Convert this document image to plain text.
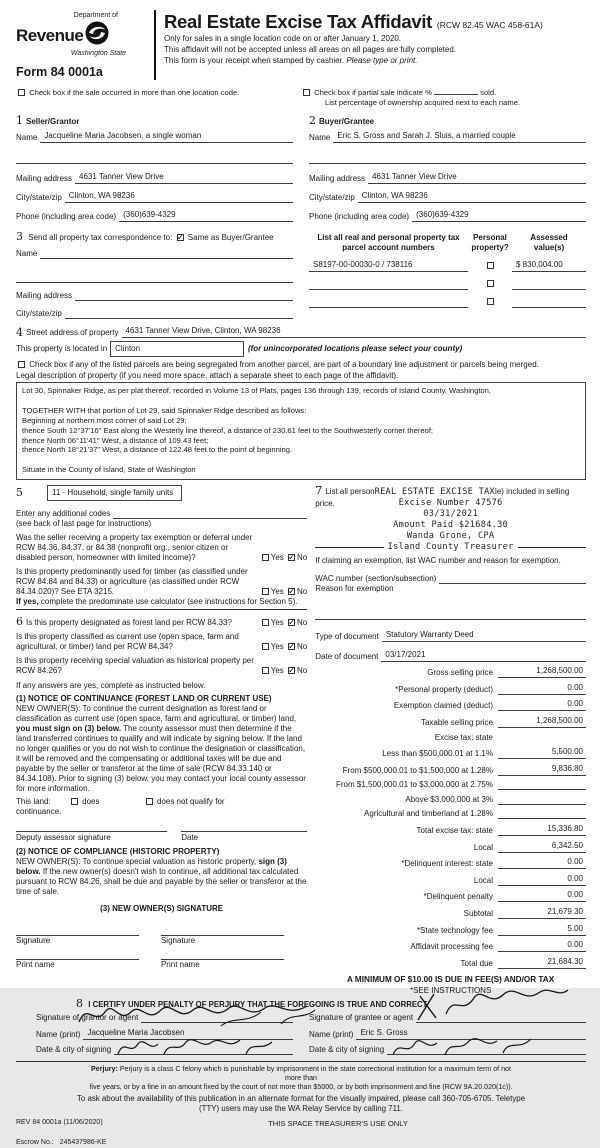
Department of
Revenue
Washington State
Form 84 0001a
Real Estate Excise Tax Affidavit (RCW 82.45 WAC 458-61A)
Only for sales in a single location code on or after January 1, 2020.
This affidavit will not be accepted unless all areas on all pages are fully completed.
This form is your receipt when stamped by cashier. Please type or print.
Check box if the sale occurred in more than one location code.	Check box if partial sale indicate %	sold.
List percentage of ownership acquired next to each name.
1 Seller/Grantor
Name Jacqueline Maria Jacobsen, a single woman
Mailing address 4631 Tanner View Drive
City/state/zip Clinton, WA 98236
Phone (including area code) (360)639-4329
2 Buyer/Grantee
Name Eric S. Gross and Sarah J. Sluis, a married couple
Mailing address 4631 Tanner View Drive
City/state/zip Clinton, WA 98236
Phone (including area code) (360)639-4329
3 Send all property tax correspondence to: ✓ Same as Buyer/Grantee
Name
Mailing address
City/state/zip
List all real and personal property tax
parcel account numbers
Personal
property?
Assessed
value(s)
S8197-00-00030-0 / 738116	$ 830,004.00
4 Street address of property 4631 Tanner View Drive, Clinton, WA 98236
This property is located in	Clinton	(for unincorporated locations please select your county)
Check box if any of the listed parcels are being segregated from another parcel, are part of a boundary line adjustment or parcels being merged.
Legal description of property (if you need more space, attach a separate sheet to each page of the affidavit).
Lot 30, Spinnaker Ridge, as per plat thereof, recorded in Volume 13 of Plats, pages 136 through 139, records of Island County, Washington,
TOGETHER WITH that portion of Lot 29, said Spinnaker Ridge described as follows:
Beginning at northern most corner of said Lot 29;
thence South 12°37'16" East along the Westerly line thereof, a distance of 230.61 feet to the Southwesterly corner thereof;
thence North 06°11'41" West, a distance of 109.43 feet;
thence North 18°21'37" West, a distance of 122.48 feet to the point of beginning.
Situate in the County of Island, State of Washington
5	11 - Household, single family units
Enter any additional codes
(see back of last page for instructions)
Was the seller receiving a property tax exemption or deferral under RCW 84.36, 84.37, or 84.38 (nonprofit org., senior citizen or disabled person, homeowner with limited income)?	Yes ✓ No
Is this property predominantly used for timber (as classified under RCW 84.84 and 84.33) or agriculture (as classified under RCW 84.34.020)? See ETA 3215.	Yes ✓ No
If yes, complete the predominate use calculator (see instructions for Section 5).
6 Is this property designated as forest land per RCW 84.33?	Yes ✓ No
Is this property classified as current use (open space, farm and agricultural, or timber) land per RCW 84.34?	Yes ✓ No
Is this property receiving special valuation as historical property per RCW 84.26?	Yes ✓ No
If any answers are yes, complete as instructed below.
(1) NOTICE OF CONTINUANCE (FOREST LAND OR CURRENT USE)
NEW OWNER(S): To continue the current designation as forest land or classification as current use (open space, farm and agricultural, or timber) land, you must sign on (3) below. The county assessor must then determine if the land transferred continues to qualify and will indicate by signing below. If the land no longer qualifies or you do not wish to continue the designation or classification, it will be removed and the compensating or additional taxes will be due and payable by the seller or transferor at the time of sale (RCW 84.33.140 or 84.34.108). Prior to signing (3) below, you may contact your local county assessor for more information.
This land:	does	does not qualify for
continuance.
Deputy assessor signature	Date
(2) NOTICE OF COMPLIANCE (HISTORIC PROPERTY)
NEW OWNER(S): To continue special valuation as historic property, sign (3) below. If the new owner(s) doesn't wish to continue, all additional tax calculated pursuant to RCW 84.26, shall be due and payable by the seller or transferor at the time of sale.
(3) NEW OWNER(S) SIGNATURE
Signature
Print name
Signature
Print name
7 List all personREAL ESTATE EXCISE TAXle) included in selling
price.	Excise Number 47576
03/31/2021
Amount Paid $21684.30
Wanda Grone, CPA
Island County Treasurer
If claiming an exemption, list WAC number and reason for exemption.
WAC number (section/subsection)
Reason for exemption
Type of document Statutory Warranty Deed
Date of document 03/17/2021
Gross selling price	1,268,500.00
*Personal property (deduct)	0.00
Exemption claimed (deduct)	0.00
Taxable selling price	1,268,500.00
Excise tax: state
Less than $500,000.01 at 1.1%	5,500.00
From $500,000.01 to $1,500,000 at 1.28%	9,836.80
From $1,500,000.01 to $3,000,000 at 2.75%
Above $3,000,000 at 3%
Agricultural and timberland at 1.28%
Total excise tax: state	15,336.80
Local	6,342.50
*Delinquent interest: state	0.00
Local	0.00
*Delinquent penalty	0.00
Subtotal	21,679.30
*State technology fee	5.00
Affidavit processing fee	0.00
Total due	21,684.30
A MINIMUM OF $10.00 IS DUE IN FEE(S) AND/OR TAX
*SEE INSTRUCTIONS
8 I CERTIFY UNDER PENALTY OF PERJURY THAT THE FOREGOING IS TRUE AND CORRECT
Signature of grantor or agent
Name (print) Jacqueline Maria Jacobsen
Date & city of signing
Signature of grantee or agent
Name (print) Eric S. Gross
Date & city of signing
Perjury: Perjury is a class C felony which is punishable by imprisonment in the state correctional institution for a maximum term of not
more than
five years, or by a fine in an amount fixed by the court of not more than $5000, or by both imprisonment and fine (RCW 9A.20.020(1c)).
To ask about the availability of this publication in an alternate format for the visually impaired, please call 360-705-6705. Teletype
(TTY) users may use the WA Relay Service by calling 711.
REV 84 0001a (11/06/2020)	THIS SPACE TREASURER'S USE ONLY
Escrow No.: 245437986-KE
